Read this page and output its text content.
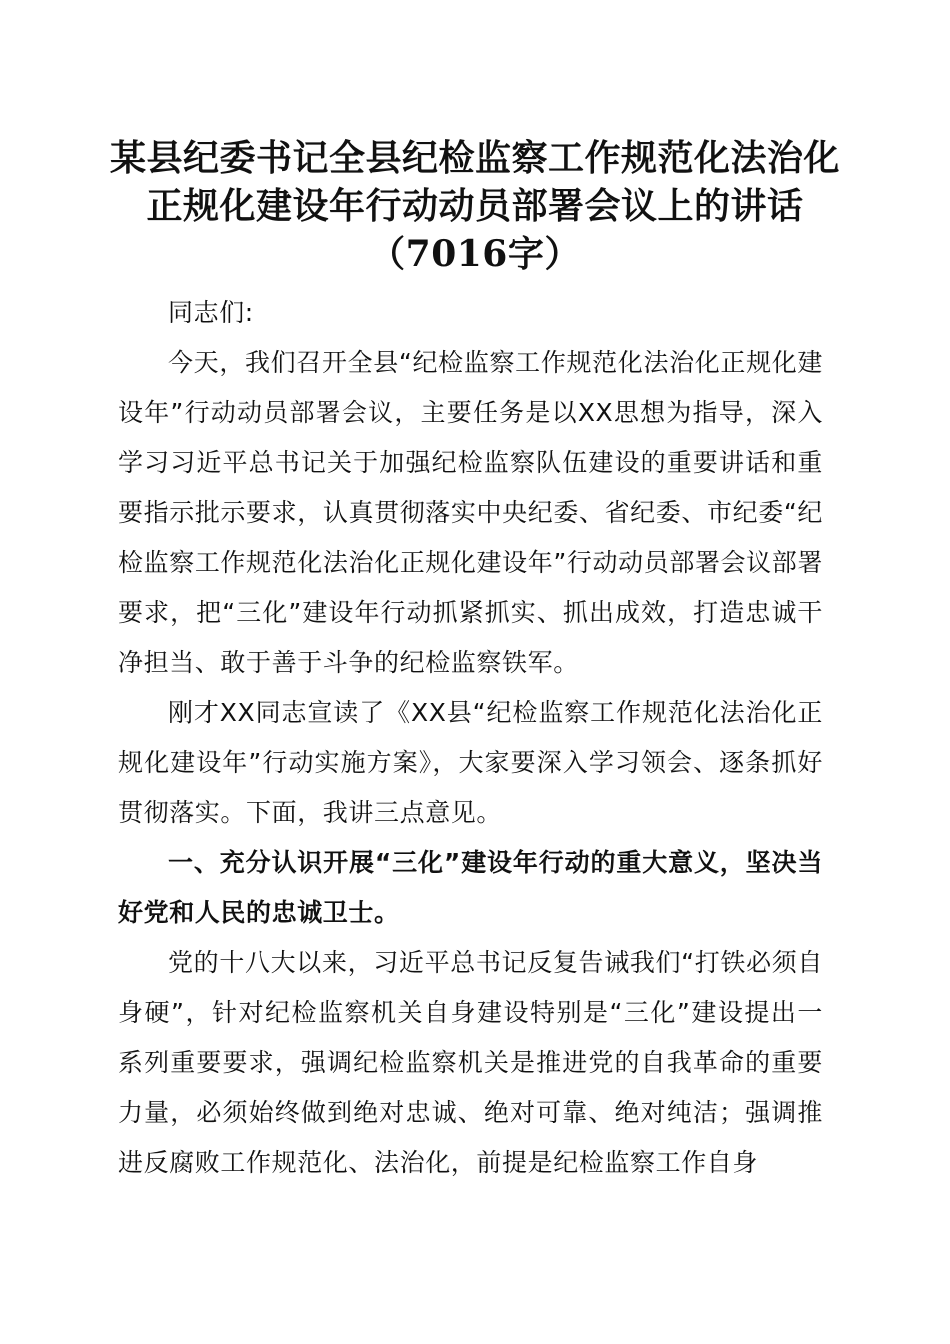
某县纪委书记全县纪检监察工作规范化法治化
正规化建设年行动动员部署会议上的讲话
（7016字）

同志们:

今天，我们召开全县“纪检监察工作规范化法治化正规化建设年”行动动员部署会议，主要任务是以XX思想为指导，深入学习习近平总书记关于加强纪检监察队伍建设的重要讲话和重要指示批示要求，认真贯彻落实中央纪委、省纪委、市纪委“纪检监察工作规范化法治化正规化建设年”行动动员部署会议部署要求，把“三化”建设年行动抓紧抓实、抓出成效，打造忠诚干净担当、敢于善于斗争的纪检监察铁军。

刚才XX同志宣读了《XX县“纪检监察工作规范化法治化正规化建设年”行动实施方案》，大家要深入学习领会、逐条抓好贯彻落实。下面，我讲三点意见。

一、充分认识开展“三化”建设年行动的重大意义，坚决当好党和人民的忠诚卫士。

党的十八大以来，习近平总书记反复告诫我们“打铁必须自身硬”，针对纪检监察机关自身建设特别是“三化”建设提出一系列重要要求，强调纪检监察机关是推进党的自我革命的重要力量，必须始终做到绝对忠诚、绝对可靠、绝对纯洁；强调推进反腐败工作规范化、法治化，前提是纪检监察工作自身
